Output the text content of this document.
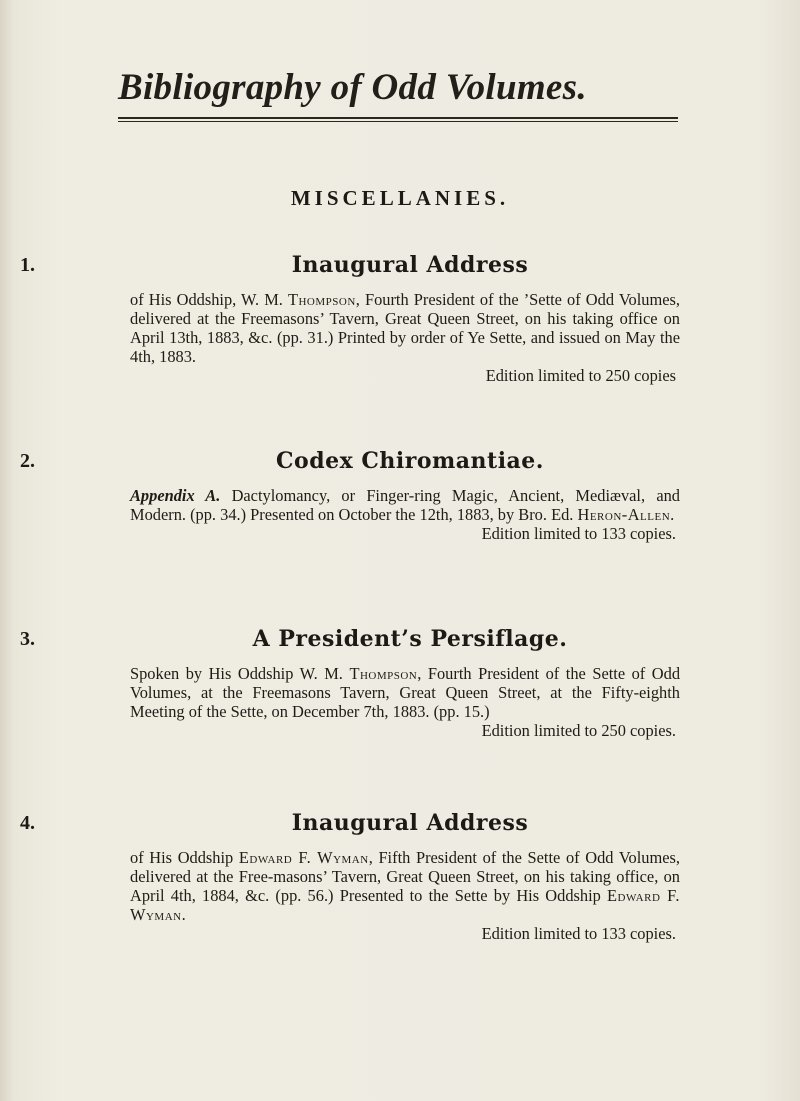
Bibliography of Odd Volumes.
MISCELLANIES.
1.	Inaugural Address
of His Oddship, W. M. Thompson, Fourth President of the ’Sette of Odd Volumes, delivered at the Freemasons’ Tavern, Great Queen Street, on his taking office on April 13th, 1883, &c. (pp. 31.) Printed by order of Ye Sette, and issued on May the 4th, 1883.
Edition limited to 250 copies
2.	Codex Chiromantiae.
Appendix A. Dactylomancy, or Finger-ring Magic, Ancient, Mediæval, and Modern. (pp. 34.) Presented on October the 12th, 1883, by Bro. Ed. Heron-Allen.
Edition limited to 133 copies.
3.	A President’s Persiflage.
Spoken by His Oddship W. M. Thompson, Fourth President of the Sette of Odd Volumes, at the Freemasons Tavern, Great Queen Street, at the Fifty-eighth Meeting of the Sette, on December 7th, 1883. (pp. 15.)
Edition limited to 250 copies.
4.	Inaugural Address
of His Oddship Edward F. Wyman, Fifth President of the Sette of Odd Volumes, delivered at the Free-masons’ Tavern, Great Queen Street, on his taking office, on April 4th, 1884, &c. (pp. 56.) Presented to the Sette by His Oddship Edward F. Wyman.
Edition limited to 133 copies.
